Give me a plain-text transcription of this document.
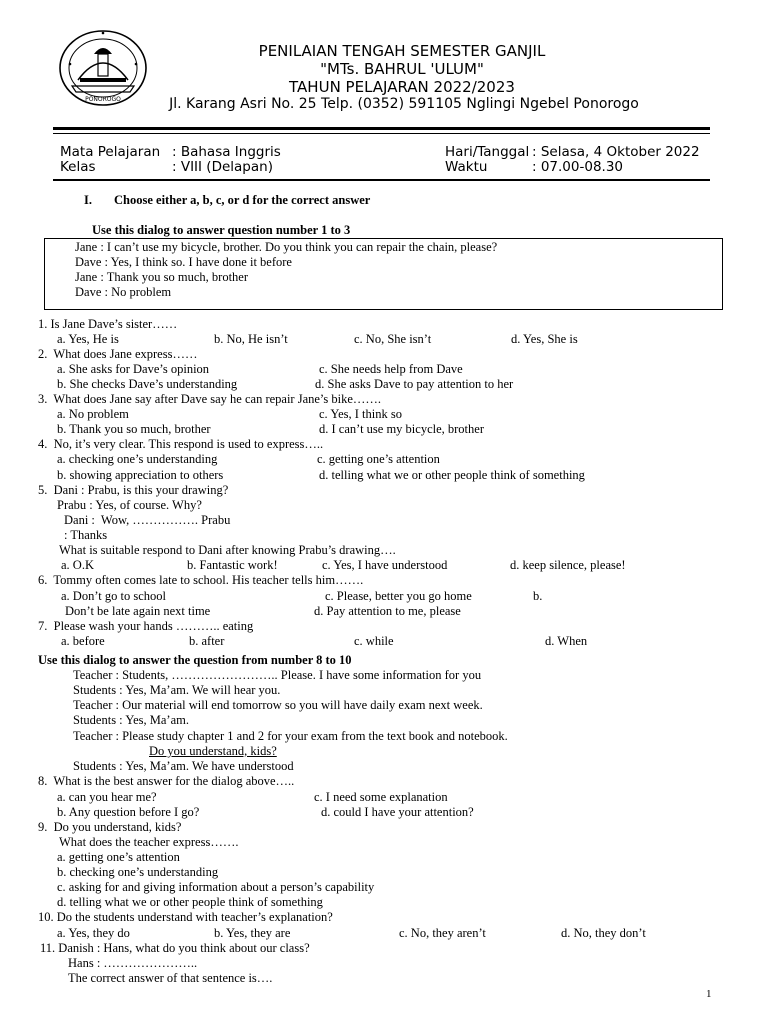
PONOROGO
PENILAIAN TENGAH SEMESTER GANJIL
"MTs. BAHRUL 'ULUM"
TAHUN PELAJARAN 2022/2023
Jl. Karang Asri No. 25 Telp. (0352) 591105 Nglingi Ngebel Ponorogo
Mata Pelajaran : Bahasa Inggris
Kelas	: VIII (Delapan)
Hari/Tanggal : Selasa, 4 Oktober 2022
Waktu	: 07.00-08.30
I. Choose either a, b, c, or d for the correct answer
Use this dialog to answer question number 1 to 3
Jane : I can’t use my bicycle, brother. Do you think you can repair the chain, please?
Dave : Yes, I think so. I have done it before
Jane : Thank you so much, brother
Dave : No problem
1. Is Jane Dave’s sister……
a. Yes, He is	b. No, He isn’t	c. No, She isn’t	d. Yes, She is
2.  What does Jane express……
a. She asks for Dave’s opinion	c. She needs help from Dave
b. She checks Dave’s understanding	d. She asks Dave to pay attention to her
3.  What does Jane say after Dave say he can repair Jane’s bike…….
a. No problem	c. Yes, I think so
b. Thank you so much, brother	d. I can’t use my bicycle, brother
4.  No, it’s very clear. This respond is used to express…..
a. checking one’s understanding	c. getting one’s attention
b. showing appreciation to others	d. telling what we or other people think of something
5.  Dani : Prabu, is this your drawing?
Prabu : Yes, of course. Why?
Dani :  Wow, ……………. Prabu
: Thanks
What is suitable respond to Dani after knowing Prabu’s drawing….
a. O.K	b. Fantastic work!	c. Yes, I have understood	d. keep silence, please!
6.  Tommy often comes late to school. His teacher tells him…….
a. Don’t go to school	c. Please, better you go home	b.
Don’t be late again next time	d. Pay attention to me, please
7.  Please wash your hands ……….. eating
a. before	b. after	c. while	d. When
Use this dialog to answer the question from number 8 to 10
Teacher : Students, …………………….. Please. I have some information for you
Students : Yes, Ma’am. We will hear you.
Teacher : Our material will end tomorrow so you will have daily exam next week.
Students : Yes, Ma’am.
Teacher : Please study chapter 1 and 2 for your exam from the text book and notebook.
Do you understand, kids?
Students : Yes, Ma’am. We have understood
8.  What is the best answer for the dialog above…..
a. can you hear me?	c. I need some explanation
b. Any question before I go?	d. could I have your attention?
9.  Do you understand, kids?
What does the teacher express…….
a. getting one’s attention
b. checking one’s understanding
c. asking for and giving information about a person’s capability
d. telling what we or other people think of something
10. Do the students understand with teacher’s explanation?
a. Yes, they do	b. Yes, they are	c. No, they aren’t	d. No, they don’t
11. Danish : Hans, what do you think about our class?
Hans : …………………..
The correct answer of that sentence is….
1
